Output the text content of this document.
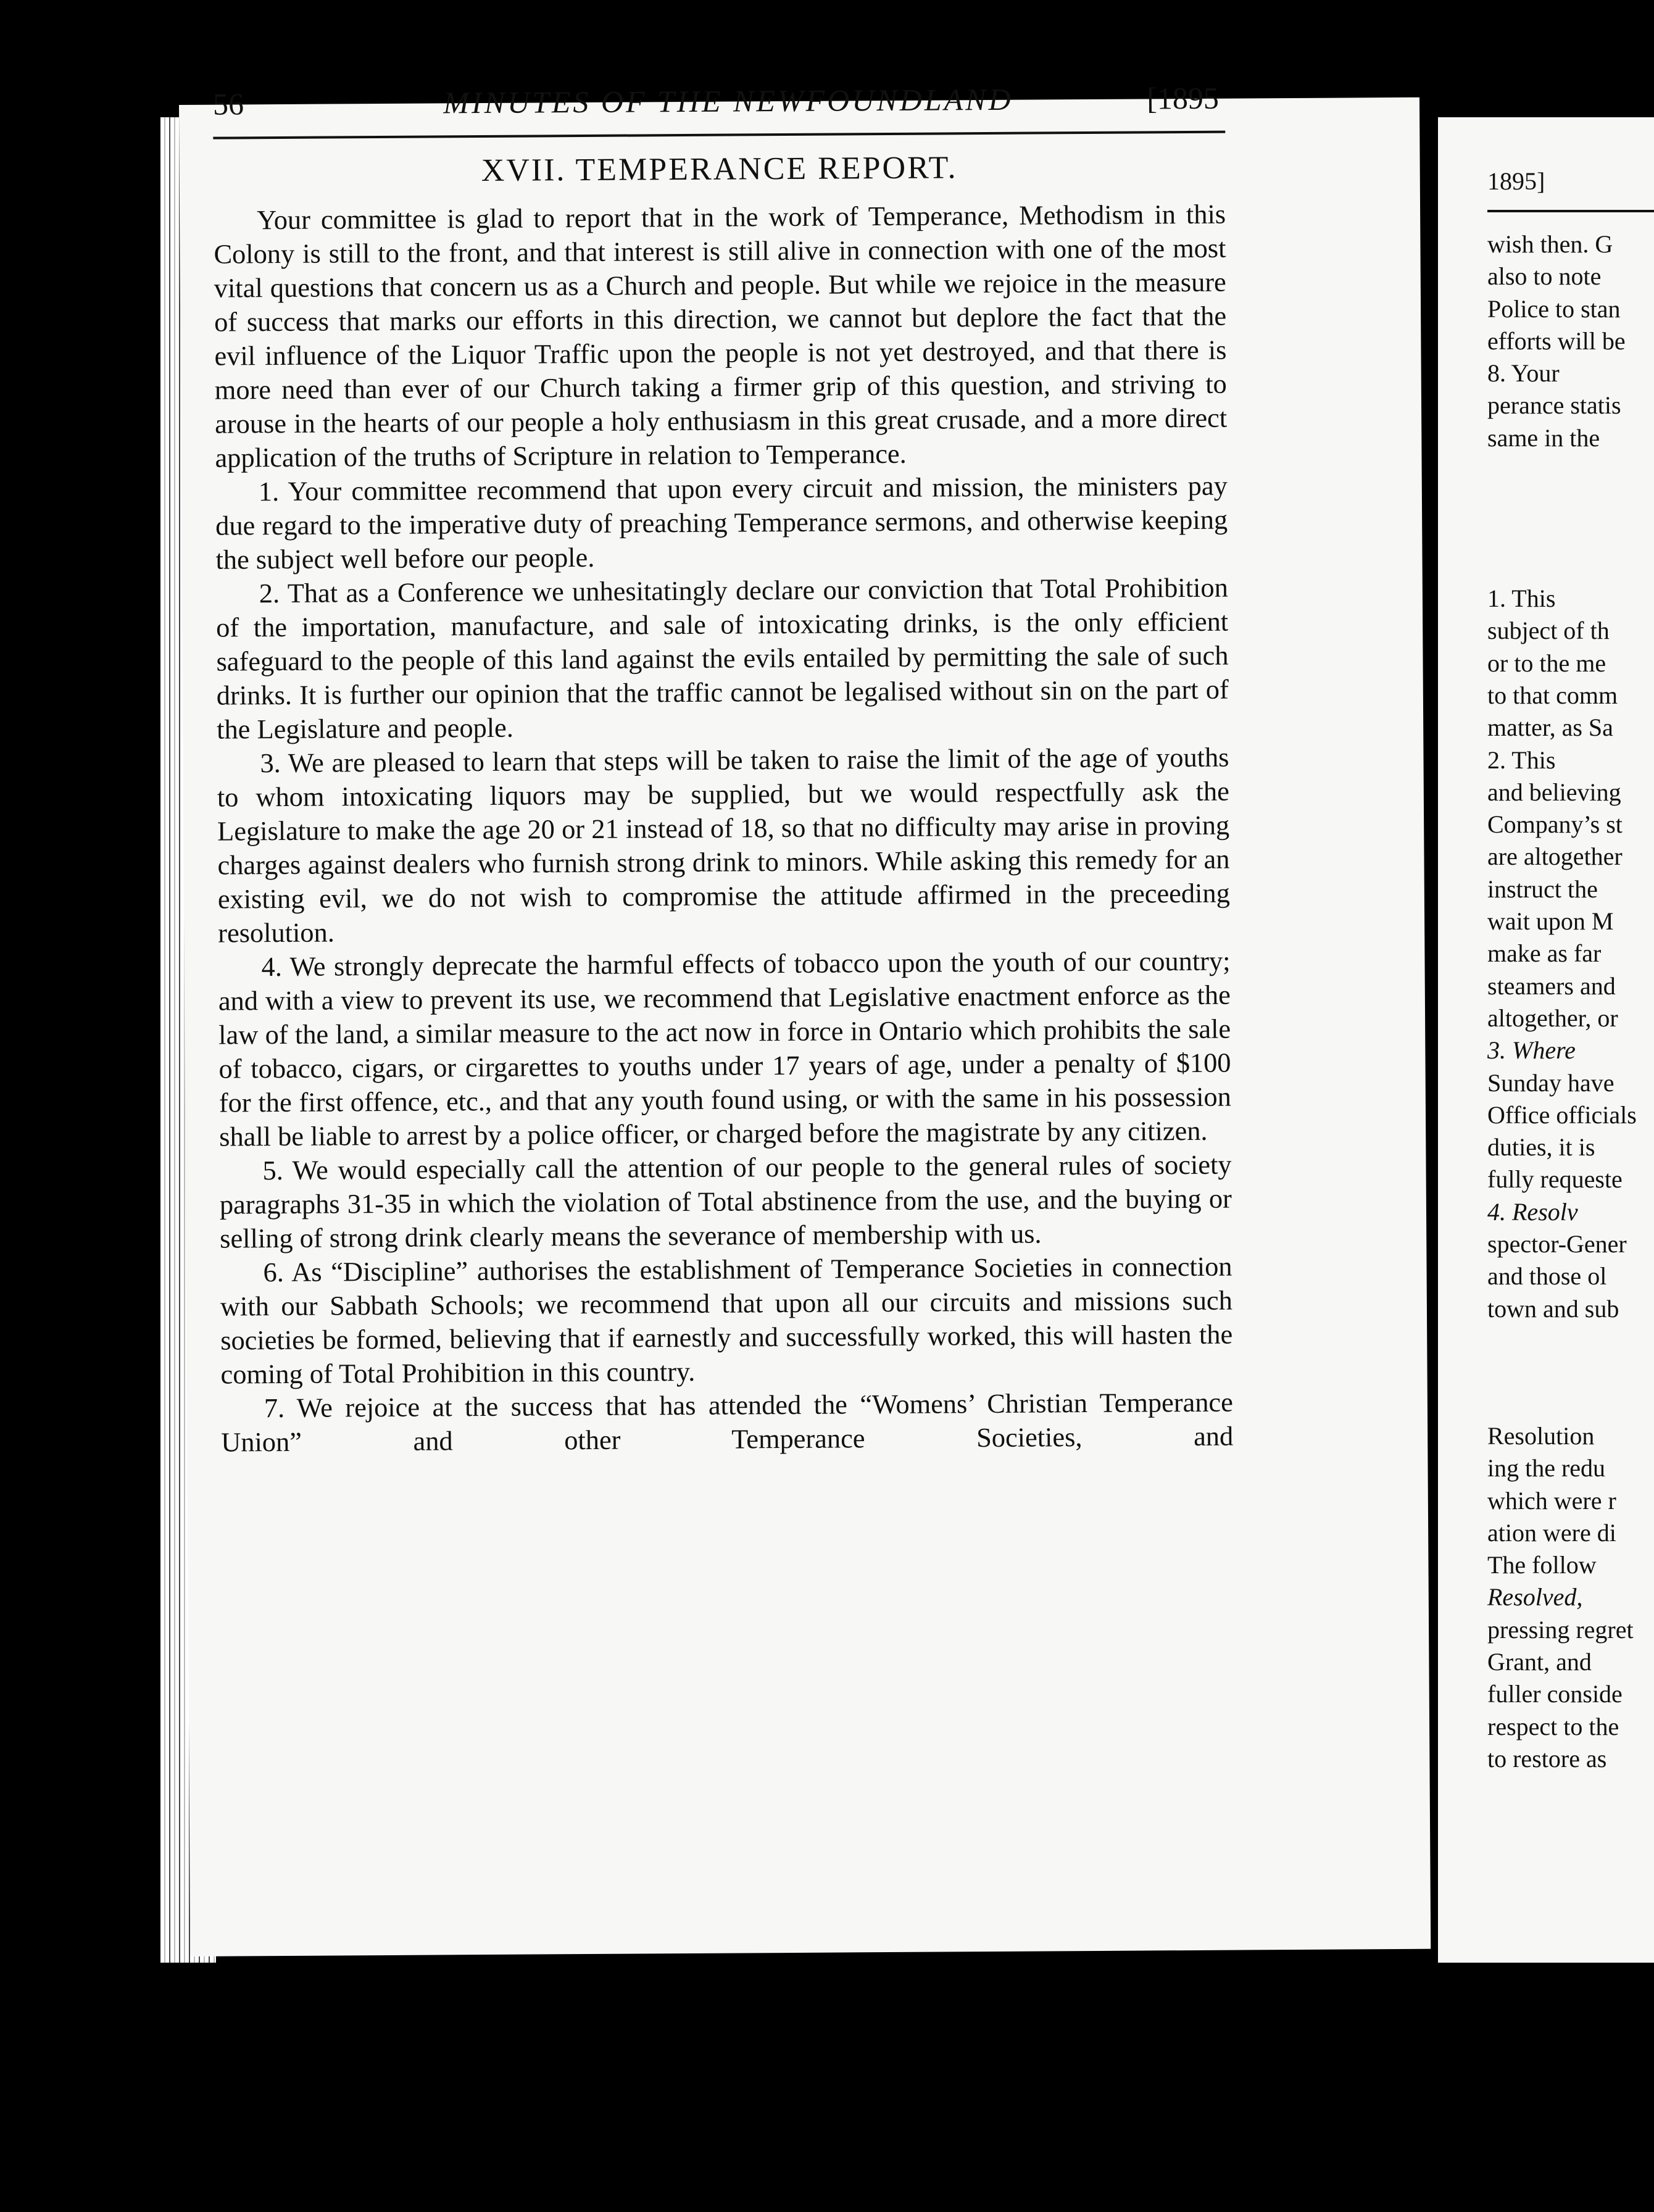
56	MINUTES OF THE NEWFOUNDLAND	[1895
XVII. TEMPERANCE REPORT.

Your committee is glad to report that in the work of Temperance, Methodism in this Colony is still to the front, and that interest is still alive in connection with one of the most vital questions that concern us as a Church and people. But while we rejoice in the measure of success that marks our efforts in this direction, we cannot but deplore the fact that the evil influence of the Liquor Traffic upon the people is not yet destroyed, and that there is more need than ever of our Church taking a firmer grip of this question, and striving to arouse in the hearts of our people a holy enthusiasm in this great crusade, and a more direct application of the truths of Scripture in relation to Temperance.

1. Your committee recommend that upon every circuit and mission, the ministers pay due regard to the imperative duty of preaching Temperance sermons, and otherwise keeping the subject well before our people.

2. That as a Conference we unhesitatingly declare our conviction that Total Prohibition of the importation, manufacture, and sale of intoxicating drinks, is the only efficient safeguard to the people of this land against the evils entailed by permitting the sale of such drinks. It is further our opinion that the traffic cannot be legalised without sin on the part of the Legislature and people.

3. We are pleased to learn that steps will be taken to raise the limit of the age of youths to whom intoxicating liquors may be supplied, but we would respectfully ask the Legislature to make the age 20 or 21 instead of 18, so that no difficulty may arise in proving charges against dealers who furnish strong drink to minors. While asking this remedy for an existing evil, we do not wish to compromise the attitude affirmed in the preceeding resolution.

4. We strongly deprecate the harmful effects of tobacco upon the youth of our country; and with a view to prevent its use, we recommend that Legislative enactment enforce as the law of the land, a similar measure to the act now in force in Ontario which prohibits the sale of tobacco, cigars, or cirgarettes to youths under 17 years of age, under a penalty of $100 for the first offence, etc., and that any youth found using, or with the same in his possession shall be liable to arrest by a police officer, or charged before the magistrate by any citizen.

5. We would especially call the attention of our people to the general rules of society paragraphs 31-35 in which the violation of Total abstinence from the use, and the buying or selling of strong drink clearly means the severance of membership with us.

6. As “Discipline” authorises the establishment of Temperance Societies in connection with our Sabbath Schools; we recommend that upon all our circuits and missions such societies be formed, believing that if earnestly and successfully worked, this will hasten the coming of Total Prohibition in this country.

7. We rejoice at the success that has attended the “Womens’ Christian Temperance Union” and other Temperance Societies, and

1895]
wish then. G
also to note
Police to stan
efforts will be
8. Your
perance statis
same in the
1. This
subject of th
or to the me
to that comm
matter, as Sa
2. This
and believing
Company’s st
are altogether
instruct the
wait upon M
make as far
steamers and
altogether, or
3. Where
Sunday have
Office officials
duties, it is
fully requeste
4. Resolv
spector-Gener
and those ol
town and sub
Resolution
ing the redu
which were r
ation were di
The follow
Resolved,
pressing regret
Grant, and
fuller conside
respect to the
to restore as
